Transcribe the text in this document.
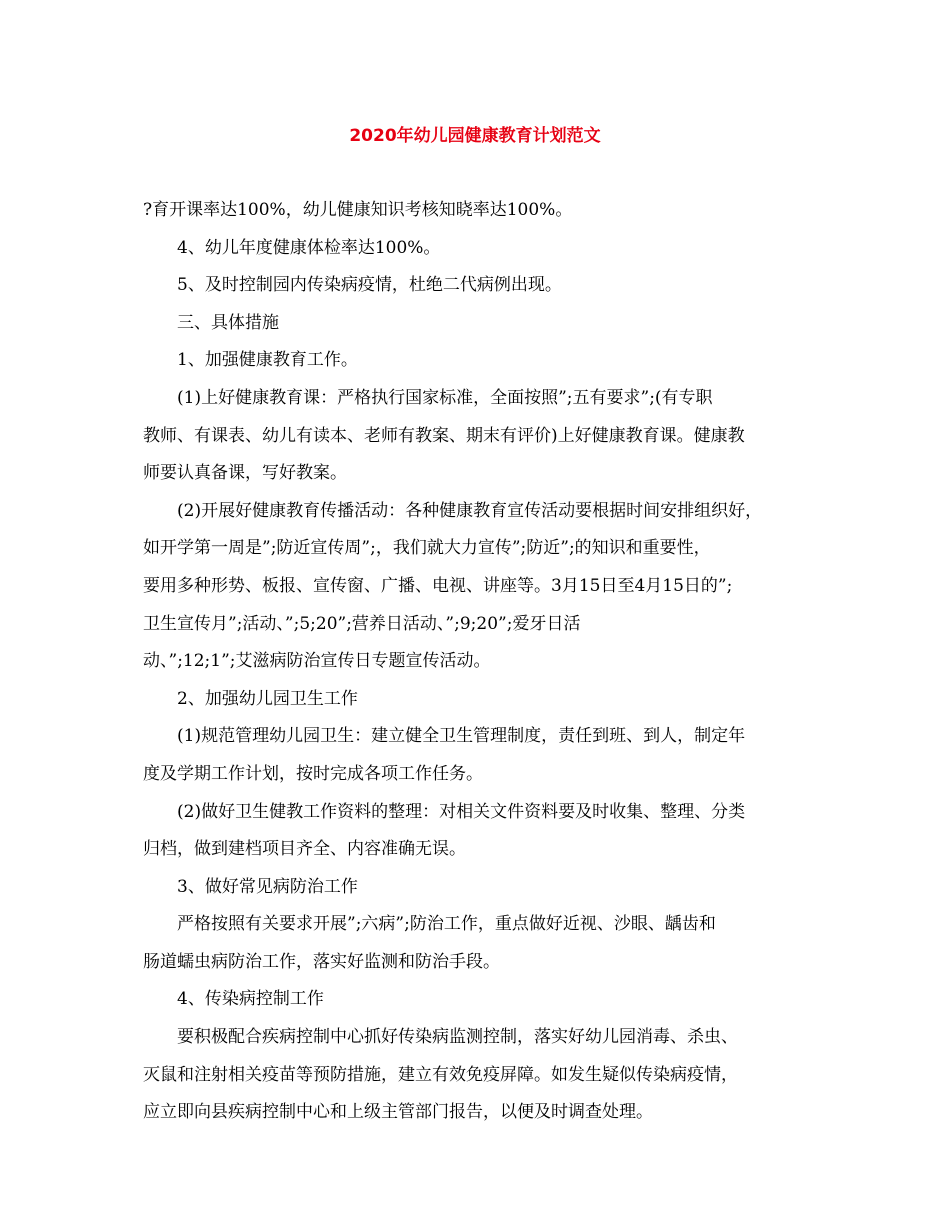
2020年幼儿园健康教育计划范文
?育开课率达100%，幼儿健康知识考核知晓率达100%。
4、幼儿年度健康体检率达100%。
5、及时控制园内传染病疫情，杜绝二代病例出现。
三、具体措施
1、加强健康教育工作。
(1)上好健康教育课：严格执行国家标准，全面按照”;五有要求”;(有专职
教师、有课表、幼儿有读本、老师有教案、期末有评价)上好健康教育课。健康教
师要认真备课，写好教案。
(2)开展好健康教育传播活动：各种健康教育宣传活动要根据时间安排组织好，
如开学第一周是”;防近宣传周”;，我们就大力宣传”;防近”;的知识和重要性，
要用多种形势、板报、宣传窗、广播、电视、讲座等。3月15日至4月15日的”;
卫生宣传月”;活动、”;5;20”;营养日活动、”;9;20”;爱牙日活
动、”;12;1”;艾滋病防治宣传日专题宣传活动。
2、加强幼儿园卫生工作
(1)规范管理幼儿园卫生：建立健全卫生管理制度，责任到班、到人，制定年
度及学期工作计划，按时完成各项工作任务。
(2)做好卫生健教工作资料的整理：对相关文件资料要及时收集、整理、分类
归档，做到建档项目齐全、内容准确无误。
3、做好常见病防治工作
严格按照有关要求开展”;六病”;防治工作，重点做好近视、沙眼、龋齿和
肠道蠕虫病防治工作，落实好监测和防治手段。
4、传染病控制工作
要积极配合疾病控制中心抓好传染病监测控制，落实好幼儿园消毒、杀虫、
灭鼠和注射相关疫苗等预防措施，建立有效免疫屏障。如发生疑似传染病疫情，
应立即向县疾病控制中心和上级主管部门报告，以便及时调查处理。
